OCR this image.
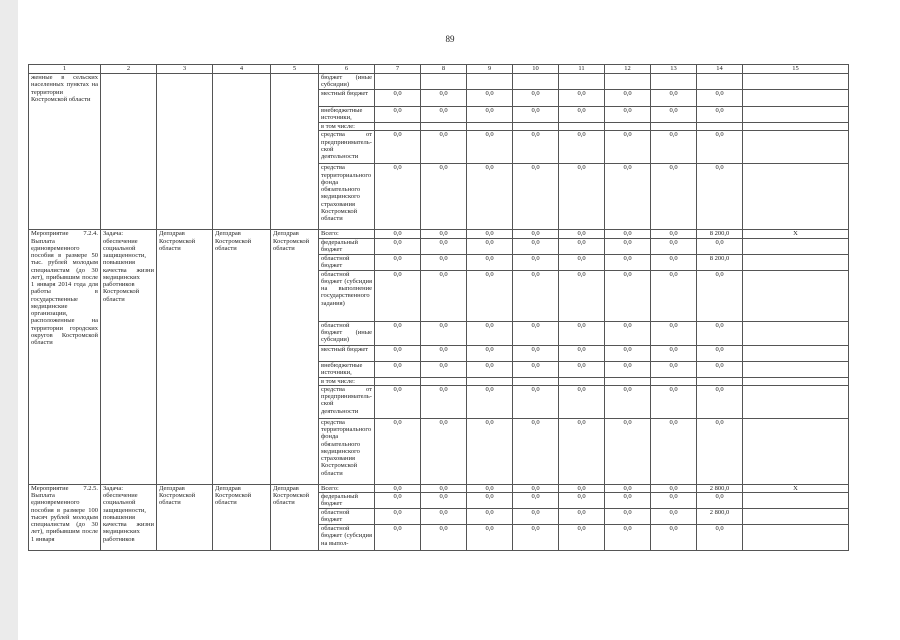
89
1	2	3	4	5	6	7	8	9	10	11	12	13	14	15
женные в сельских населенных пунктах на территории Костромской области					бюджет (иные субсидии)									
					местный бюджет	0,0	0,0	0,0	0,0	0,0	0,0	0,0	0,0	
					внебюджетные источники,	0,0	0,0	0,0	0,0	0,0	0,0	0,0	0,0	
					в том числе:									
					средства от предприниматель-ской деятельности	0,0	0,0	0,0	0,0	0,0	0,0	0,0	0,0	
					средства территориального фонда обязательного медицинского страхования Костромской области	0,0	0,0	0,0	0,0	0,0	0,0	0,0	0,0	
Мероприятие 7.2.4. Выплата единовременного пособия в размере 50 тыс. рублей молодым специалистам (до 30 лет), прибывшим после 1 января 2014 года для работы в государственные медицинские организации, расположенные на территории городских округов Костромской области	Задача: обеспечение социальной защищенности, повышения качества жизни медицинских работников Костромской области	Депздрав Костромской области	Депздрав Костромской области	Депздрав Костромской области	Всего:	0,0	0,0	0,0	0,0	0,0	0,0	0,0	8 200,0	X
					федеральный бюджет	0,0	0,0	0,0	0,0	0,0	0,0	0,0	0,0	
					областной бюджет	0,0	0,0	0,0	0,0	0,0	0,0	0,0	8 200,0	
					областной бюджет (субсидия на выполнение государственного задания)	0,0	0,0	0,0	0,0	0,0	0,0	0,0	0,0	
					областной бюджет (иные субсидии)	0,0	0,0	0,0	0,0	0,0	0,0	0,0	0,0	
					местный бюджет	0,0	0,0	0,0	0,0	0,0	0,0	0,0	0,0	
					внебюджетные источники,	0,0	0,0	0,0	0,0	0,0	0,0	0,0	0,0	
					в том числе:									
					средства от предприниматель-ской деятельности	0,0	0,0	0,0	0,0	0,0	0,0	0,0	0,0	
					средства территориального фонда обязательного медицинского страхования Костромской области	0,0	0,0	0,0	0,0	0,0	0,0	0,0	0,0	
Мероприятие 7.2.5. Выплата единовременного пособия в размере 100 тысяч рублей молодым специалистам (до 30 лет), прибывшим после 1 января	Задача: обеспечение социальной защищенности, повышения качества жизни медицинских работников	Депздрав Костромской области	Депздрав Костромской области	Депздрав Костромской области	Всего:	0,0	0,0	0,0	0,0	0,0	0,0	0,0	2 800,0	X
					федеральный бюджет	0,0	0,0	0,0	0,0	0,0	0,0	0,0	0,0	
					областной бюджет	0,0	0,0	0,0	0,0	0,0	0,0	0,0	2 800,0	
					областной бюджет (субсидия на выпол-	0,0	0,0	0,0	0,0	0,0	0,0	0,0	0,0	
